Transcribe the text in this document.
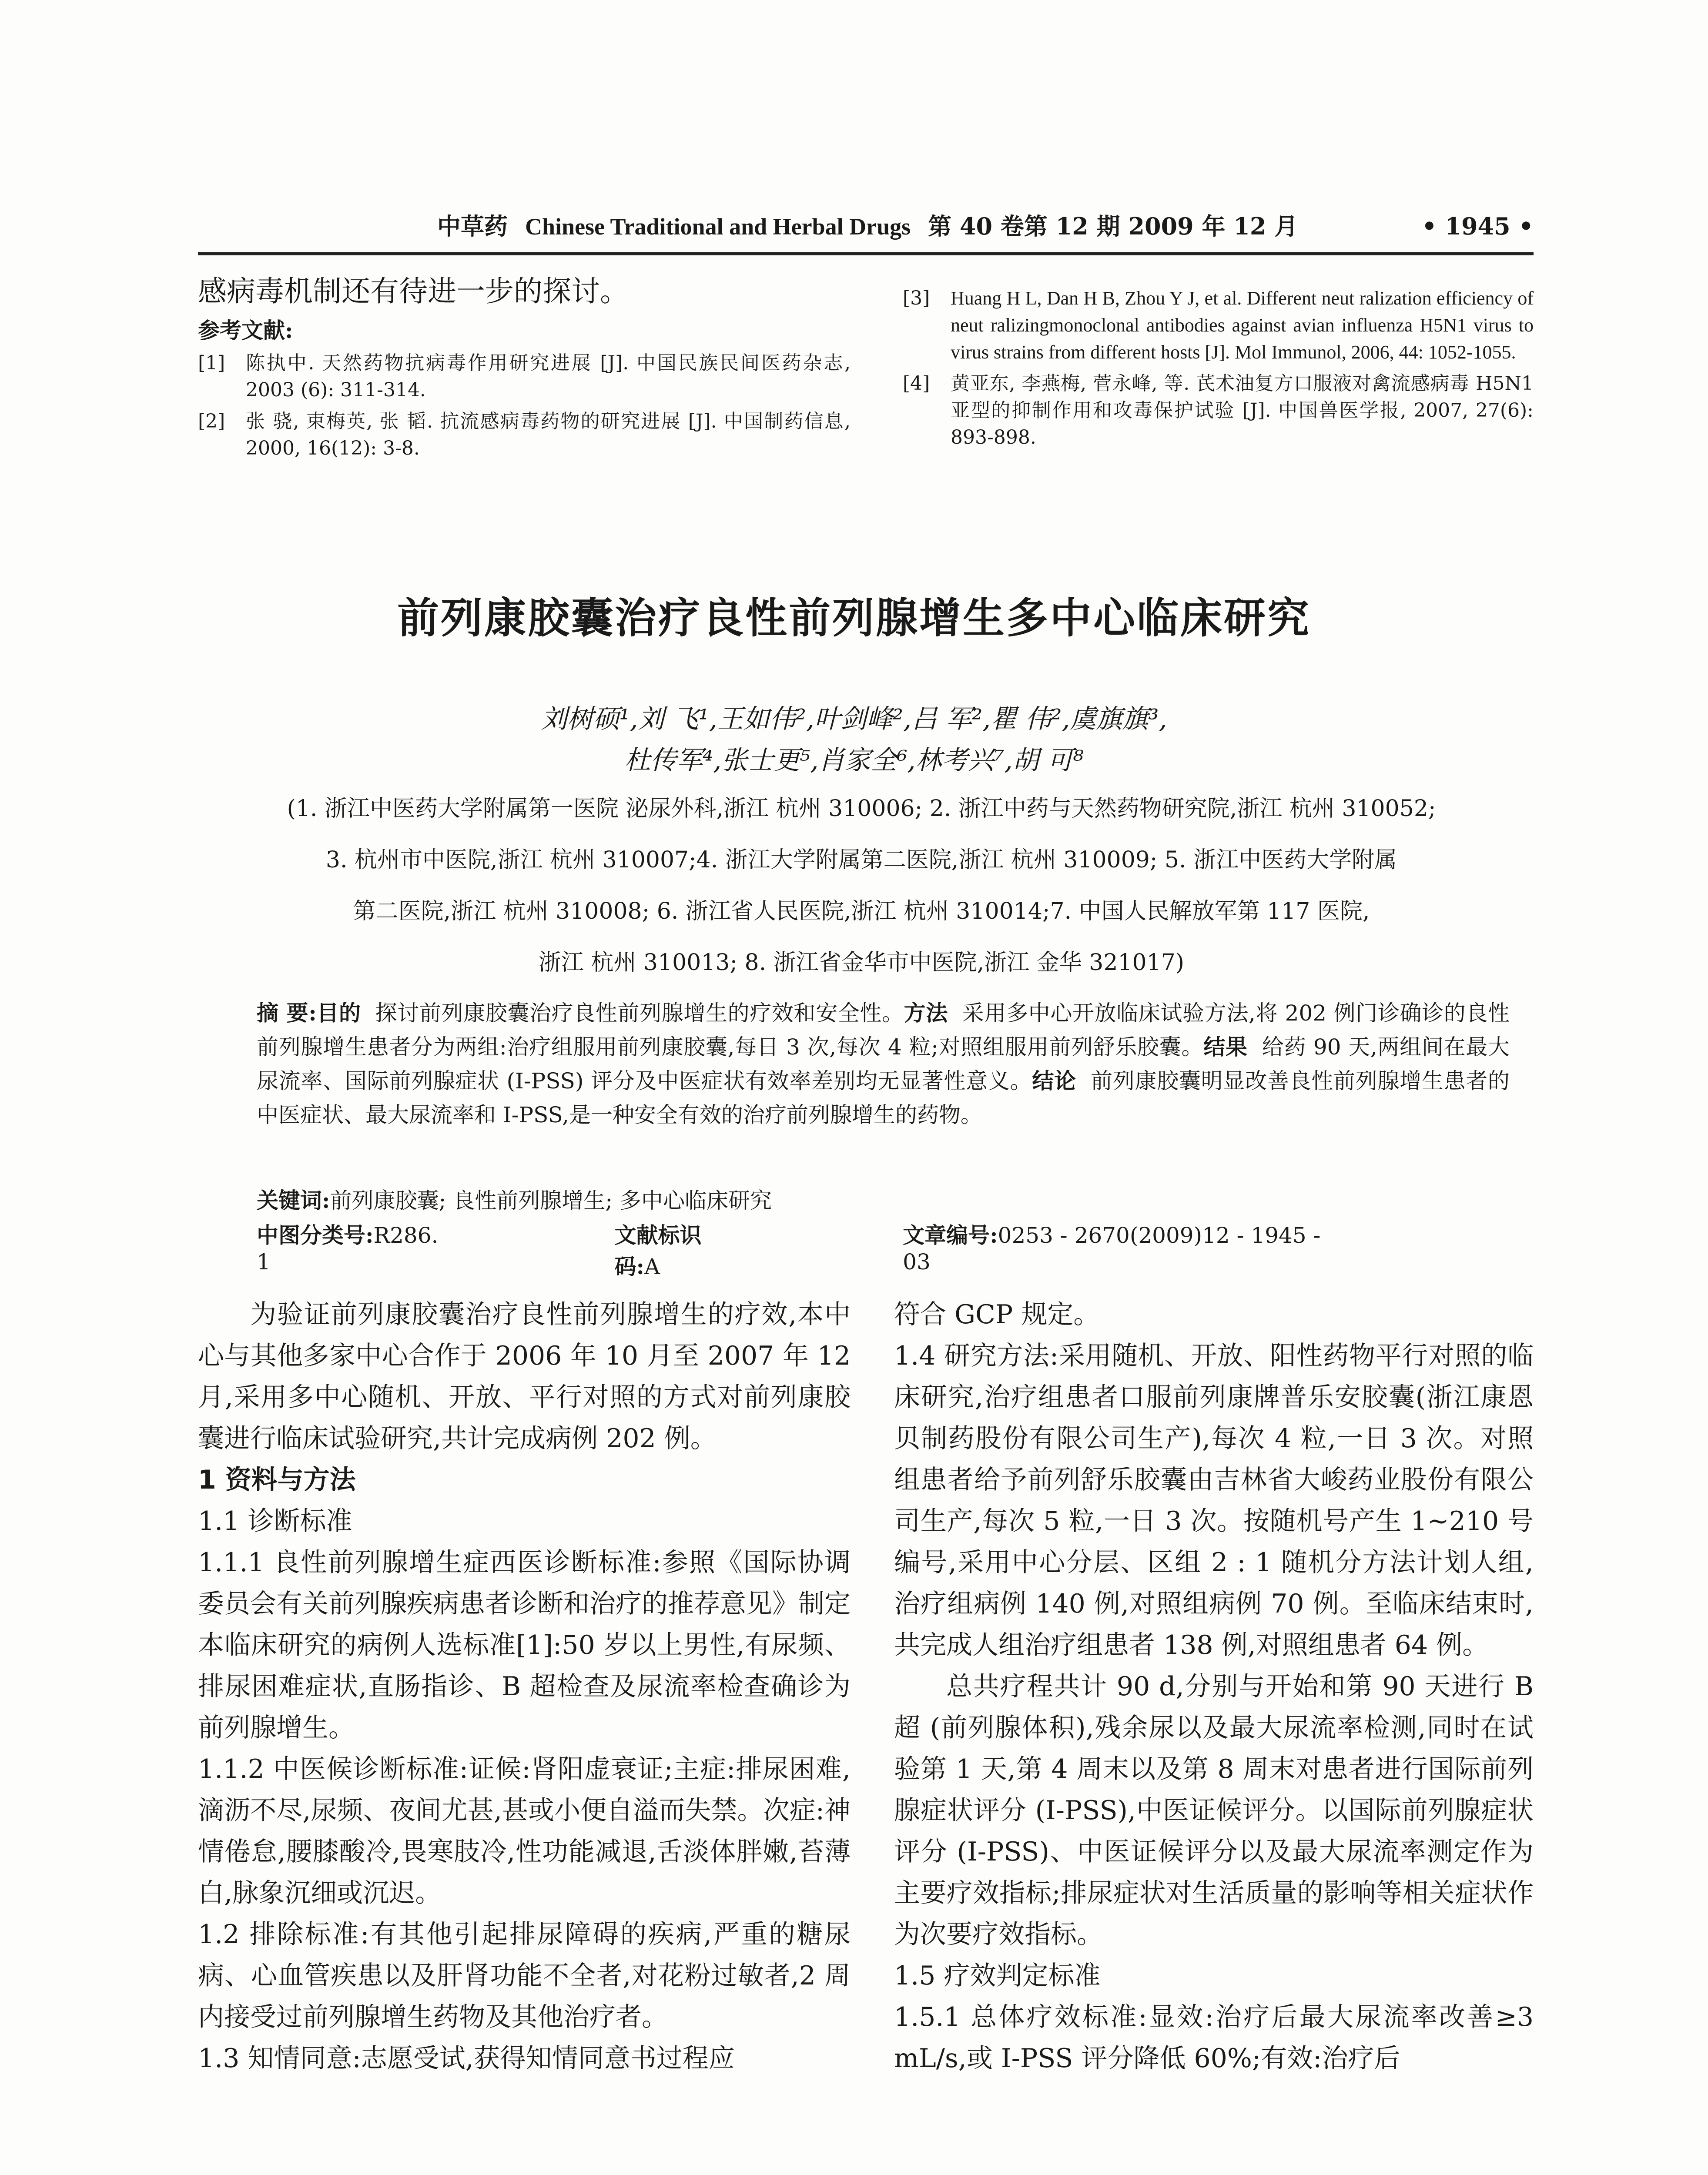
中草药 Chinese Traditional and Herbal Drugs 第 40 卷第 12 期 2009 年 12 月	• 1945 •

感病毒机制还有待进一步的探讨。

参考文献:

[1]	陈执中. 天然药物抗病毒作用研究进展 [J]. 中国民族民间医药杂志, 2003 (6): 311-314.
[2]	张 骁, 束梅英, 张 韬. 抗流感病毒药物的研究进展 [J]. 中国制药信息, 2000, 16(12): 3-8.
[3]	Huang H L, Dan H B, Zhou Y J, et al. Different neut ralization efficiency of neut ralizingmonoclonal antibodies against avian influenza H5N1 virus to virus strains from different hosts [J]. Mol Immunol, 2006, 44: 1052-1055.
[4]	黄亚东, 李燕梅, 菅永峰, 等. 芪术油复方口服液对禽流感病毒 H5N1 亚型的抑制作用和攻毒保护试验 [J]. 中国兽医学报, 2007, 27(6): 893-898.
前列康胶囊治疗良性前列腺增生多中心临床研究
刘树硕¹,刘 飞¹,王如伟²,叶剑峰²,吕 军²,瞿 伟²,虞旗旗³,
杜传军⁴,张士更⁵,肖家全⁶,林考兴⁷,胡 可⁸
(1. 浙江中医药大学附属第一医院 泌尿外科,浙江 杭州 310006; 2. 浙江中药与天然药物研究院,浙江 杭州 310052;
3. 杭州市中医院,浙江 杭州 310007;4. 浙江大学附属第二医院,浙江 杭州 310009; 5. 浙江中医药大学附属
第二医院,浙江 杭州 310008; 6. 浙江省人民医院,浙江 杭州 310014;7. 中国人民解放军第 117 医院,
浙江 杭州 310013; 8. 浙江省金华市中医院,浙江 金华 321017)
摘 要:目的 探讨前列康胶囊治疗良性前列腺增生的疗效和安全性。方法 采用多中心开放临床试验方法,将 202 例门诊确诊的良性前列腺增生患者分为两组:治疗组服用前列康胶囊,每日 3 次,每次 4 粒;对照组服用前列舒乐胶囊。结果 给药 90 天,两组间在最大尿流率、国际前列腺症状 (I-PSS) 评分及中医症状有效率差别均无显著性意义。结论 前列康胶囊明显改善良性前列腺增生患者的中医症状、最大尿流率和 I-PSS,是一种安全有效的治疗前列腺增生的药物。
关键词:前列康胶囊; 良性前列腺增生; 多中心临床研究
中图分类号:R286. 1
文献标识码:A
文章编号:0253 - 2670(2009)12 - 1945 - 03

为验证前列康胶囊治疗良性前列腺增生的疗效,本中心与其他多家中心合作于 2006 年 10 月至 2007 年 12 月,采用多中心随机、开放、平行对照的方式对前列康胶囊进行临床试验研究,共计完成病例 202 例。

1 资料与方法

1.1 诊断标准

1.1.1 良性前列腺增生症西医诊断标准:参照《国际协调委员会有关前列腺疾病患者诊断和治疗的推荐意见》制定本临床研究的病例人选标准[1]:50 岁以上男性,有尿频、排尿困难症状,直肠指诊、B 超检查及尿流率检查确诊为前列腺增生。

1.1.2 中医候诊断标准:证候:肾阳虚衰证;主症:排尿困难,滴沥不尽,尿频、夜间尤甚,甚或小便自溢而失禁。次症:神情倦怠,腰膝酸冷,畏寒肢冷,性功能减退,舌淡体胖嫩,苔薄白,脉象沉细或沉迟。

1.2 排除标准:有其他引起排尿障碍的疾病,严重的糖尿病、心血管疾患以及肝肾功能不全者,对花粉过敏者,2 周内接受过前列腺增生药物及其他治疗者。

1.3 知情同意:志愿受试,获得知情同意书过程应

符合 GCP 规定。

1.4 研究方法:采用随机、开放、阳性药物平行对照的临床研究,治疗组患者口服前列康牌普乐安胶囊(浙江康恩贝制药股份有限公司生产),每次 4 粒,一日 3 次。对照组患者给予前列舒乐胶囊由吉林省大峻药业股份有限公司生产,每次 5 粒,一日 3 次。按随机号产生 1~210 号编号,采用中心分层、区组 2 : 1 随机分方法计划人组,治疗组病例 140 例,对照组病例 70 例。至临床结束时,共完成人组治疗组患者 138 例,对照组患者 64 例。

总共疗程共计 90 d,分别与开始和第 90 天进行 B 超 (前列腺体积),残余尿以及最大尿流率检测,同时在试验第 1 天,第 4 周末以及第 8 周末对患者进行国际前列腺症状评分 (I-PSS),中医证候评分。以国际前列腺症状评分 (I-PSS)、中医证候评分以及最大尿流率测定作为主要疗效指标;排尿症状对生活质量的影响等相关症状作为次要疗效指标。

1.5 疗效判定标准

1.5.1 总体疗效标准:显效:治疗后最大尿流率改善≥3 mL/s,或 I-PSS 评分降低 60%;有效:治疗后
